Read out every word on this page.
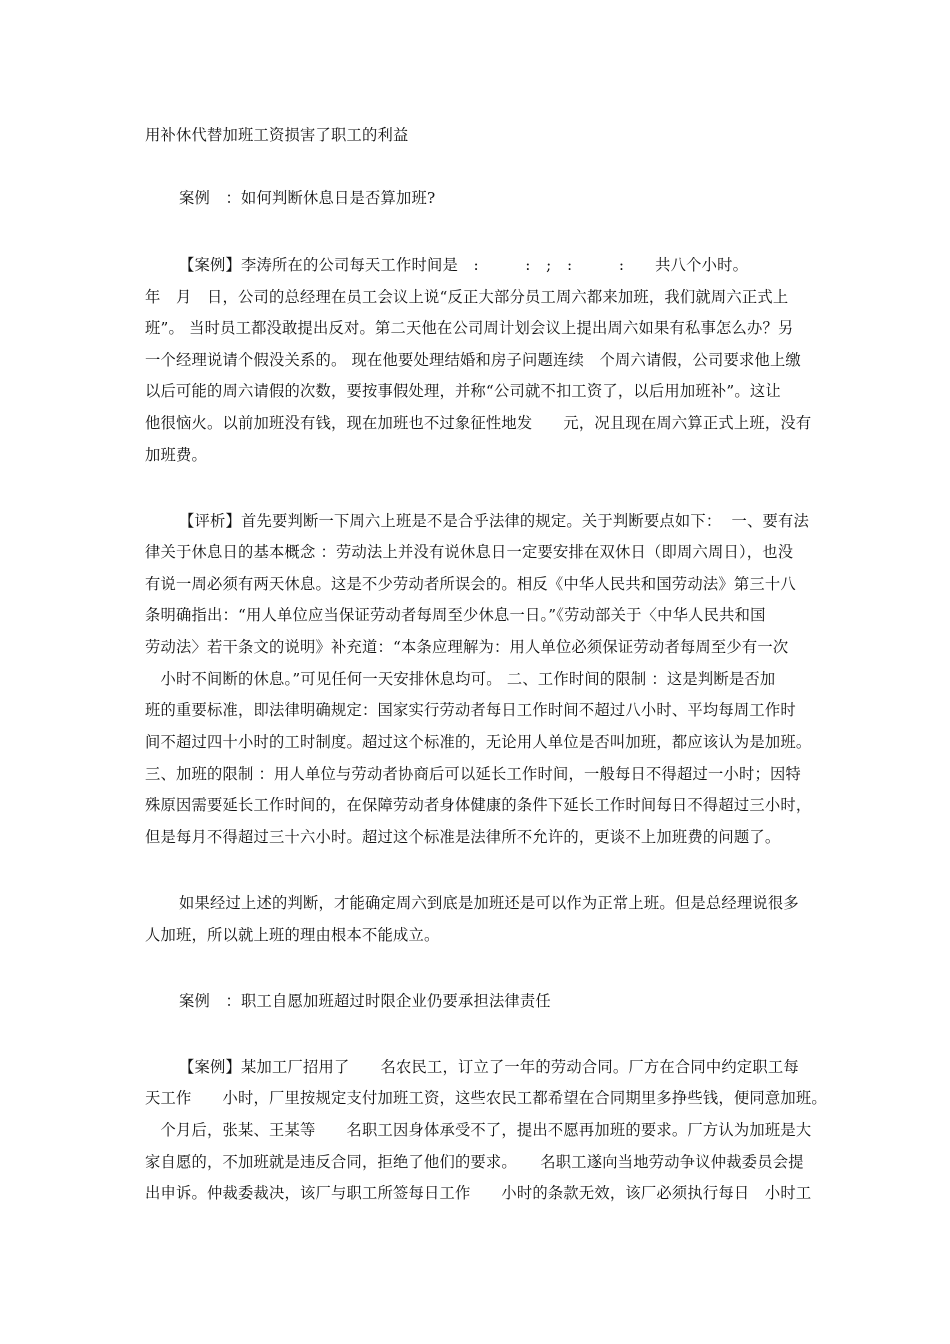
用补休代替加班工资损害了职工的利益
案例　：如何判断休息日是否算加班?
【案例】李涛所在的公司每天工作时间是　:　　　:　;　:　　　:　　共八个小时。
年　月　日，公司的总经理在员工会议上说“反正大部分员工周六都来加班，我们就周六正式上
班”。 当时员工都没敢提出反对。第二天他在公司周计划会议上提出周六如果有私事怎么办？另
一个经理说请个假没关系的。 现在他要处理结婚和房子问题连续　个周六请假，公司要求他上缴
以后可能的周六请假的次数，要按事假处理，并称“公司就不扣工资了，以后用加班补”。这让
他很恼火。以前加班没有钱，现在加班也不过象征性地发　　元，况且现在周六算正式上班，没有
加班费。
【评析】首先要判断一下周六上班是不是合乎法律的规定。关于判断要点如下：  一、要有法
律关于休息日的基本概念 ：劳动法上并没有说休息日一定要安排在双休日（即周六周日），也没
有说一周必须有两天休息。这是不少劳动者所误会的。相反《中华人民共和国劳动法》第三十八
条明确指出：“用人单位应当保证劳动者每周至少休息一日。”《劳动部关于〈中华人民共和国
劳动法〉若干条文的说明》补充道：“本条应理解为：用人单位必须保证劳动者每周至少有一次
　小时不间断的休息。”可见任何一天安排休息均可。 二、工作时间的限制 ：这是判断是否加
班的重要标准，即法律明确规定：国家实行劳动者每日工作时间不超过八小时、平均每周工作时
间不超过四十小时的工时制度。超过这个标准的，无论用人单位是否叫加班，都应该认为是加班。
三、加班的限制 ：用人单位与劳动者协商后可以延长工作时间，一般每日不得超过一小时；因特
殊原因需要延长工作时间的，在保障劳动者身体健康的条件下延长工作时间每日不得超过三小时，
但是每月不得超过三十六小时。超过这个标准是法律所不允许的，更谈不上加班费的问题了。
如果经过上述的判断，才能确定周六到底是加班还是可以作为正常上班。但是总经理说很多
人加班，所以就上班的理由根本不能成立。
案例　：职工自愿加班超过时限企业仍要承担法律责任
【案例】某加工厂招用了　　名农民工，订立了一年的劳动合同。厂方在合同中约定职工每
天工作　　小时，厂里按规定支付加班工资，这些农民工都希望在合同期里多挣些钱，便同意加班。
　个月后，张某、王某等　　名职工因身体承受不了，提出不愿再加班的要求。厂方认为加班是大
家自愿的，不加班就是违反合同，拒绝了他们的要求。　　名职工遂向当地劳动争议仲裁委员会提
出申诉。仲裁委裁决，该厂与职工所签每日工作　　小时的条款无效，该厂必须执行每日　小时工
